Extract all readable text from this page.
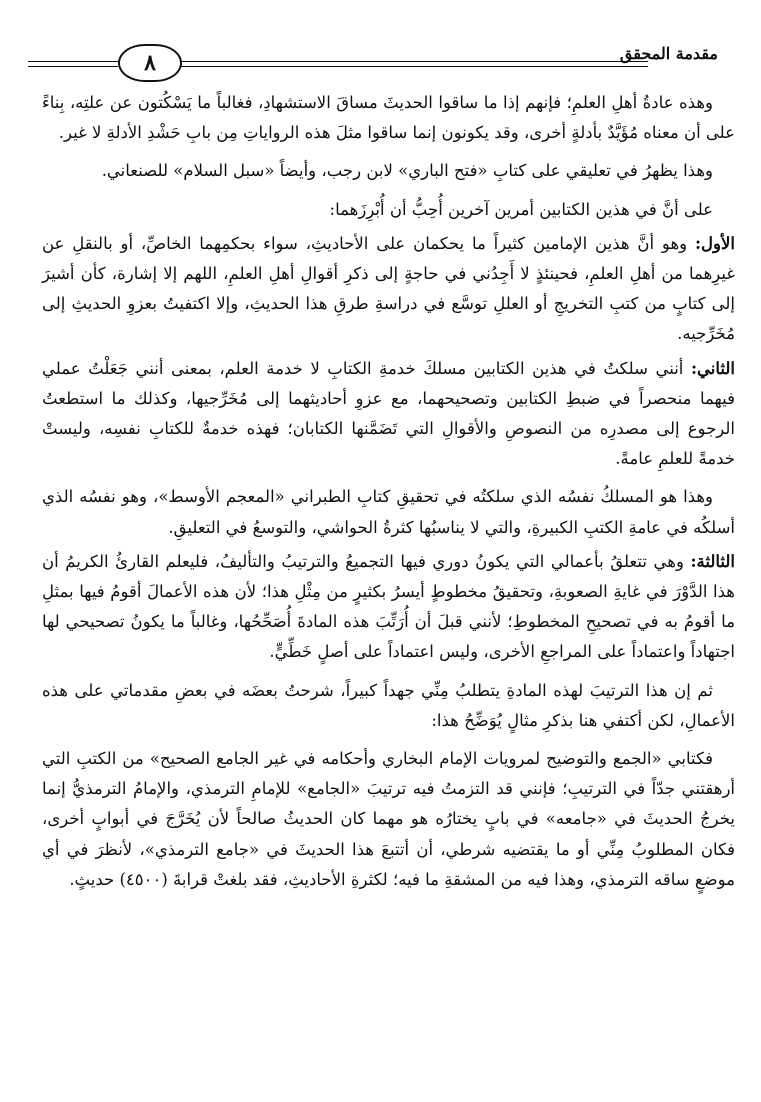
مقدمة المحقق
٨

وهذه عادةُ أهلِ العلمِ؛ فإنهم إذا ما ساقوا الحديثَ مساقَ الاستشهادِ، فغالباً ما يَسْكُتون عن علتِه، بِناءً على أن معناه مُؤَيَّدٌ بأدلةٍ أخرى، وقد يكونون إنما ساقوا مثلَ هذه الرواياتِ مِن بابِ حَشْدِ الأدلةِ لا غير.

وهذا يظهرُ في تعليقي على كتابِ «فتح الباري» لابن رجب، وأيضاً «سبل السلام» للصنعاني.

على أنَّ في هذين الكتابين أمرين آخرين أُحِبُّ أن أُبْرِزَهما:

الأول: وهو أنَّ هذين الإمامين كثيراً ما يحكمان على الأحاديثِ، سواء بحكمِهما الخاصِّ، أو بالنقلِ عن غيرِهما من أهلِ العلمِ، فحينئذٍ لا أَجِدُني في حاجةٍ إلى ذكرِ أقوالِ أهلِ العلمِ، اللهم إلا إشارة، كأن أشيرَ إلى كتابٍ من كتبِ التخريجِ أو العللِ توسَّع في دراسةِ طرقِ هذا الحديثِ، وإلا اكتفيتُ بعزوِ الحديثِ إلى مُخَرِّجيه.

الثاني: أنني سلكتُ في هذين الكتابين مسلكَ خدمةِ الكتابِ لا خدمة العلم، بمعنى أنني جَعَلْتُ عملي فيهما منحصراً في ضبطِ الكتابين وتصحيحهما، مع عزوِ أحاديثهما إلى مُخَرِّجيها، وكذلك ما استطعتُ الرجوع إلى مصدرِه من النصوصِ والأقوالِ التي تَضَمَّنها الكتابان؛ فهذه خدمةٌ للكتابِ نفسِه، وليستْ خدمةً للعلمِ عامةً.

وهذا هو المسلكُ نفسُه الذي سلكتُه في تحقيقِ كتابِ الطبراني «المعجم الأوسط»، وهو نفسُه الذي أسلكُه في عامةِ الكتبِ الكبيرةِ، والتي لا يناسبُها كثرةُ الحواشي، والتوسعُ في التعليقِ.

الثالثة: وهي تتعلقُ بأعمالي التي يكونُ دوري فيها التجميعُ والترتيبُ والتأليفُ، فليعلم القارئُ الكريمُ أن هذا الدَّوْرَ في غايةِ الصعوبةِ، وتحقيقُ مخطوطٍ أيسرُ بكثيرٍ من مِثْلِ هذا؛ لأن هذه الأعمالَ أقومُ فيها بمثلِ ما أقومُ به في تصحيحِ المخطوطِ؛ لأنني قبلَ أن أُرَتِّبَ هذه المادةَ أُصَحِّحُها، وغالباً ما يكونُ تصحيحي لها اجتهاداً واعتماداً على المراجعِ الأخرى، وليس اعتماداً على أصلٍ خَطِّيٍّ.

ثم إن هذا الترتيبَ لهذه المادةِ يتطلبُ مِنِّي جهداً كبيراً، شرحتُ بعضَه في بعضِ مقدماتي على هذه الأعمالِ، لكن أكتفي هنا بذكرِ مثالٍ يُوَضِّحُ هذا:

فكتابي «الجمع والتوضيح لمرويات الإمام البخاري وأحكامه في غير الجامع الصحيح» من الكتبِ التي أرهقتني جدّاً في الترتيبِ؛ فإنني قد التزمتُ فيه ترتيبَ «الجامع» للإمامِ الترمذي، والإمامُ الترمذيُّ إنما يخرجُ الحديثَ في «جامعه» في بابٍ يختارُه هو مهما كان الحديثُ صالحاً لأن يُخَرَّجَ في أبوابٍ أخرى، فكان المطلوبُ مِنِّي أو ما يقتضيه شرطي، أن أتتبعَ هذا الحديثَ في «جامع الترمذي»، لأنظرَ في أي موضعٍ ساقه الترمذي، وهذا فيه من المشقةِ ما فيه؛ لكثرةِ الأحاديثِ، فقد بلغتْ قرابةَ (٤٥٠٠) حديثٍ.
